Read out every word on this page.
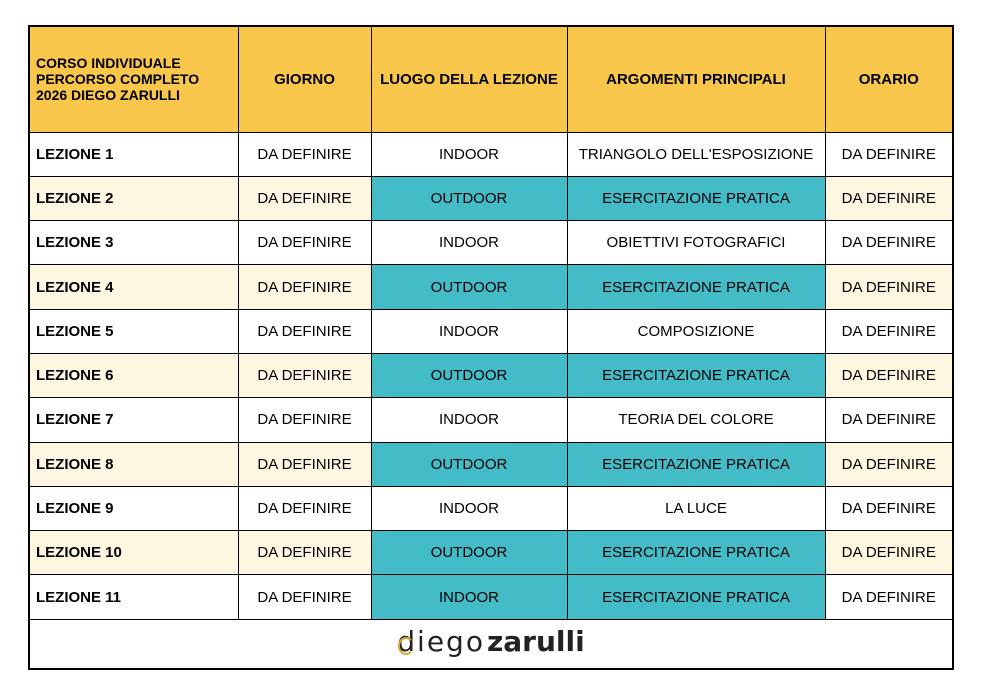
CORSO INDIVIDUALE
PERCORSO COMPLETO
2026 DIEGO ZARULLI	GIORNO	LUOGO DELLA LEZIONE	ARGOMENTI PRINCIPALI	ORARIO
LEZIONE 1	DA DEFINIRE	INDOOR	TRIANGOLO DELL'ESPOSIZIONE	DA DEFINIRE
LEZIONE 2	DA DEFINIRE	OUTDOOR	ESERCITAZIONE PRATICA	DA DEFINIRE
LEZIONE 3	DA DEFINIRE	INDOOR	OBIETTIVI FOTOGRAFICI	DA DEFINIRE
LEZIONE 4	DA DEFINIRE	OUTDOOR	ESERCITAZIONE PRATICA	DA DEFINIRE
LEZIONE 5	DA DEFINIRE	INDOOR	COMPOSIZIONE	DA DEFINIRE
LEZIONE 6	DA DEFINIRE	OUTDOOR	ESERCITAZIONE PRATICA	DA DEFINIRE
LEZIONE 7	DA DEFINIRE	INDOOR	TEORIA DEL COLORE	DA DEFINIRE
LEZIONE 8	DA DEFINIRE	OUTDOOR	ESERCITAZIONE PRATICA	DA DEFINIRE
LEZIONE 9	DA DEFINIRE	INDOOR	LA LUCE	DA DEFINIRE
LEZIONE 10	DA DEFINIRE	OUTDOOR	ESERCITAZIONE PRATICA	DA DEFINIRE
LEZIONE 11	DA DEFINIRE	INDOOR	ESERCITAZIONE PRATICA	DA DEFINIRE
diego zarulli
